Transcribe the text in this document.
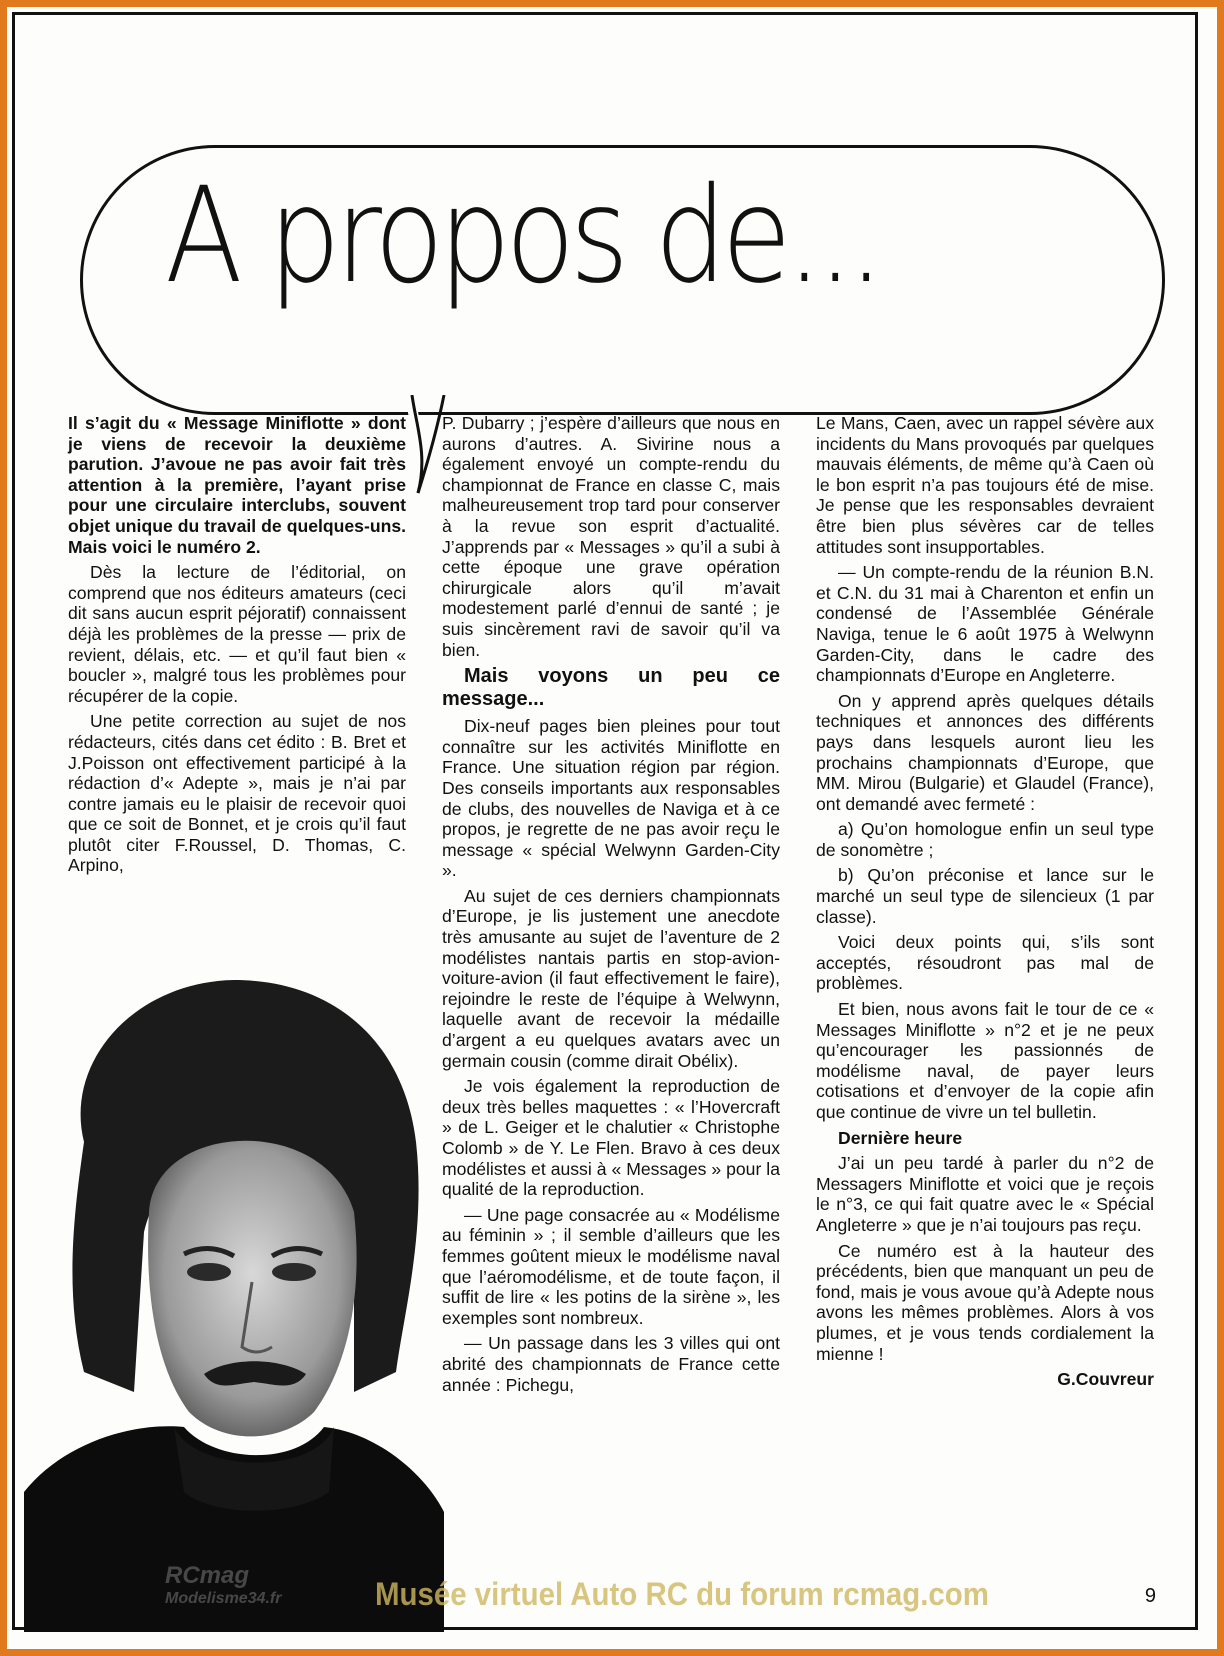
A propos de...

Il s’agit du « Message Miniflotte » dont je viens de recevoir la deuxième parution. J’avoue ne pas avoir fait très attention à la première, l’ayant prise pour une circulaire interclubs, souvent objet unique du travail de quelques-uns. Mais voici le numéro 2.

Dès la lecture de l’éditorial, on comprend que nos éditeurs amateurs (ceci dit sans aucun esprit péjoratif) connaissent déjà les problèmes de la presse — prix de revient, délais, etc. — et qu’il faut bien « boucler », malgré tous les problèmes pour récupérer de la copie.

Une petite correction au sujet de nos rédacteurs, cités dans cet édito : B. Bret et J.Poisson ont effectivement participé à la rédaction d’« Adepte », mais je n’ai par contre jamais eu le plaisir de recevoir quoi que ce soit de Bonnet, et je crois qu’il faut plutôt citer F.Roussel, D. Thomas, C. Arpino,

P. Dubarry ; j’espère d’ailleurs que nous en aurons d’autres. A. Sivirine nous a également envoyé un compte-rendu du championnat de France en classe C, mais malheureusement trop tard pour conserver à la revue son esprit d’actualité. J’apprends par « Messages » qu’il a subi à cette époque une grave opération chirurgicale alors qu’il m’avait modestement parlé d’ennui de santé ; je suis sincèrement ravi de savoir qu’il va bien.

Mais voyons un peu ce message...

Dix-neuf pages bien pleines pour tout connaître sur les activités Miniflotte en France. Une situation région par région. Des conseils importants aux responsables de clubs, des nouvelles de Naviga et à ce propos, je regrette de ne pas avoir reçu le message « spécial Welwynn Garden-City ».

Au sujet de ces derniers championnats d’Europe, je lis justement une anecdote très amusante au sujet de l’aventure de 2 modélistes nantais partis en stop-avion-voiture-avion (il faut effectivement le faire), rejoindre le reste de l’équipe à Welwynn, laquelle avant de recevoir la médaille d’argent a eu quelques avatars avec un germain cousin (comme dirait Obélix).

Je vois également la reproduction de deux très belles maquettes : « l’Hovercraft » de L. Geiger et le chalutier « Christophe Colomb » de Y. Le Flen. Bravo à ces deux modélistes et aussi à « Messages » pour la qualité de la reproduction.

— Une page consacrée au « Modélisme au féminin » ; il semble d’ailleurs que les femmes goûtent mieux le modélisme naval que l’aéromodélisme, et de toute façon, il suffit de lire « les potins de la sirène », les exemples sont nombreux.

— Un passage dans les 3 villes qui ont abrité des championnats de France cette année : Pichegu,

Le Mans, Caen, avec un rappel sévère aux incidents du Mans provoqués par quelques mauvais éléments, de même qu’à Caen où le bon esprit n’a pas toujours été de mise. Je pense que les responsables devraient être bien plus sévères car de telles attitudes sont insupportables.

— Un compte-rendu de la réunion B.N. et C.N. du 31 mai à Charenton et enfin un condensé de l’Assemblée Générale Naviga, tenue le 6 août 1975 à Welwynn Garden-City, dans le cadre des championnats d’Europe en Angleterre.

On y apprend après quelques détails techniques et annonces des différents pays dans lesquels auront lieu les prochains championnats d’Europe, que MM. Mirou (Bulgarie) et Glaudel (France), ont demandé avec fermeté :

a) Qu’on homologue enfin un seul type de sonomètre ;

b) Qu’on préconise et lance sur le marché un seul type de silencieux (1 par classe).

Voici deux points qui, s’ils sont acceptés, résoudront pas mal de problèmes.

Et bien, nous avons fait le tour de ce « Messages Miniflotte » n°2 et je ne peux qu’encourager les passionnés de modélisme naval, de payer leurs cotisations et d’envoyer de la copie afin que continue de vivre un tel bulletin.

Dernière heure

J’ai un peu tardé à parler du n°2 de Messagers Miniflotte et voici que je reçois le n°3, ce qui fait quatre avec le « Spécial Angleterre » que je n’ai toujours pas reçu.

Ce numéro est à la hauteur des précédents, bien que manquant un peu de fond, mais je vous avoue qu’à Adepte nous avons les mêmes problèmes. Alors à vos plumes, et je vous tends cordialement la mienne !

G.Couvreur

RCmag
Modelisme34.fr	Musée virtuel Auto RC du forum rcmag.com	9
